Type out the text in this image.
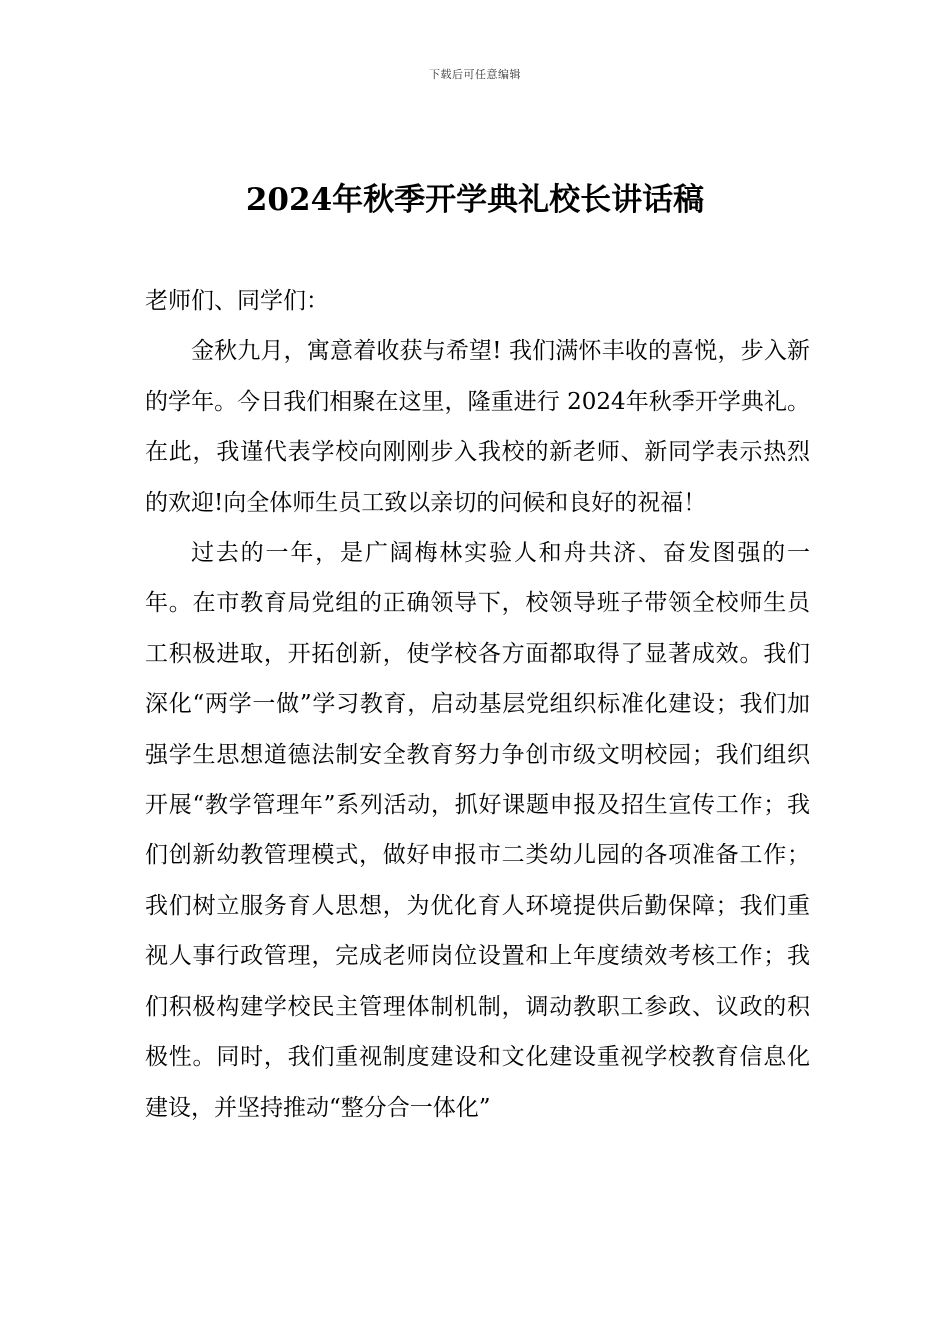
下载后可任意编辑
2024年秋季开学典礼校长讲话稿

老师们、同学们：

金秋九月，寓意着收获与希望! 我们满怀丰收的喜悦，步入新的学年。今日我们相聚在这里，隆重进行 2024年秋季开学典礼。在此，我谨代表学校向刚刚步入我校的新老师、新同学表示热烈的欢迎!向全体师生员工致以亲切的问候和良好的祝福！

过去的一年，是广阔梅林实验人和舟共济、奋发图强的一年。在市教育局党组的正确领导下，校领导班子带领全校师生员工积极进取，开拓创新，使学校各方面都取得了显著成效。我们深化“两学一做”学习教育，启动基层党组织标准化建设；我们加强学生思想道德法制安全教育努力争创市级文明校园；我们组织开展“教学管理年”系列活动，抓好课题申报及招生宣传工作；我们创新幼教管理模式，做好申报市二类幼儿园的各项准备工作；我们树立服务育人思想，为优化育人环境提供后勤保障；我们重视人事行政管理，完成老师岗位设置和上年度绩效考核工作；我们积极构建学校民主管理体制机制，调动教职工参政、议政的积极性。同时，我们重视制度建设和文化建设重视学校教育信息化建设，并坚持推动“整分合一体化”
